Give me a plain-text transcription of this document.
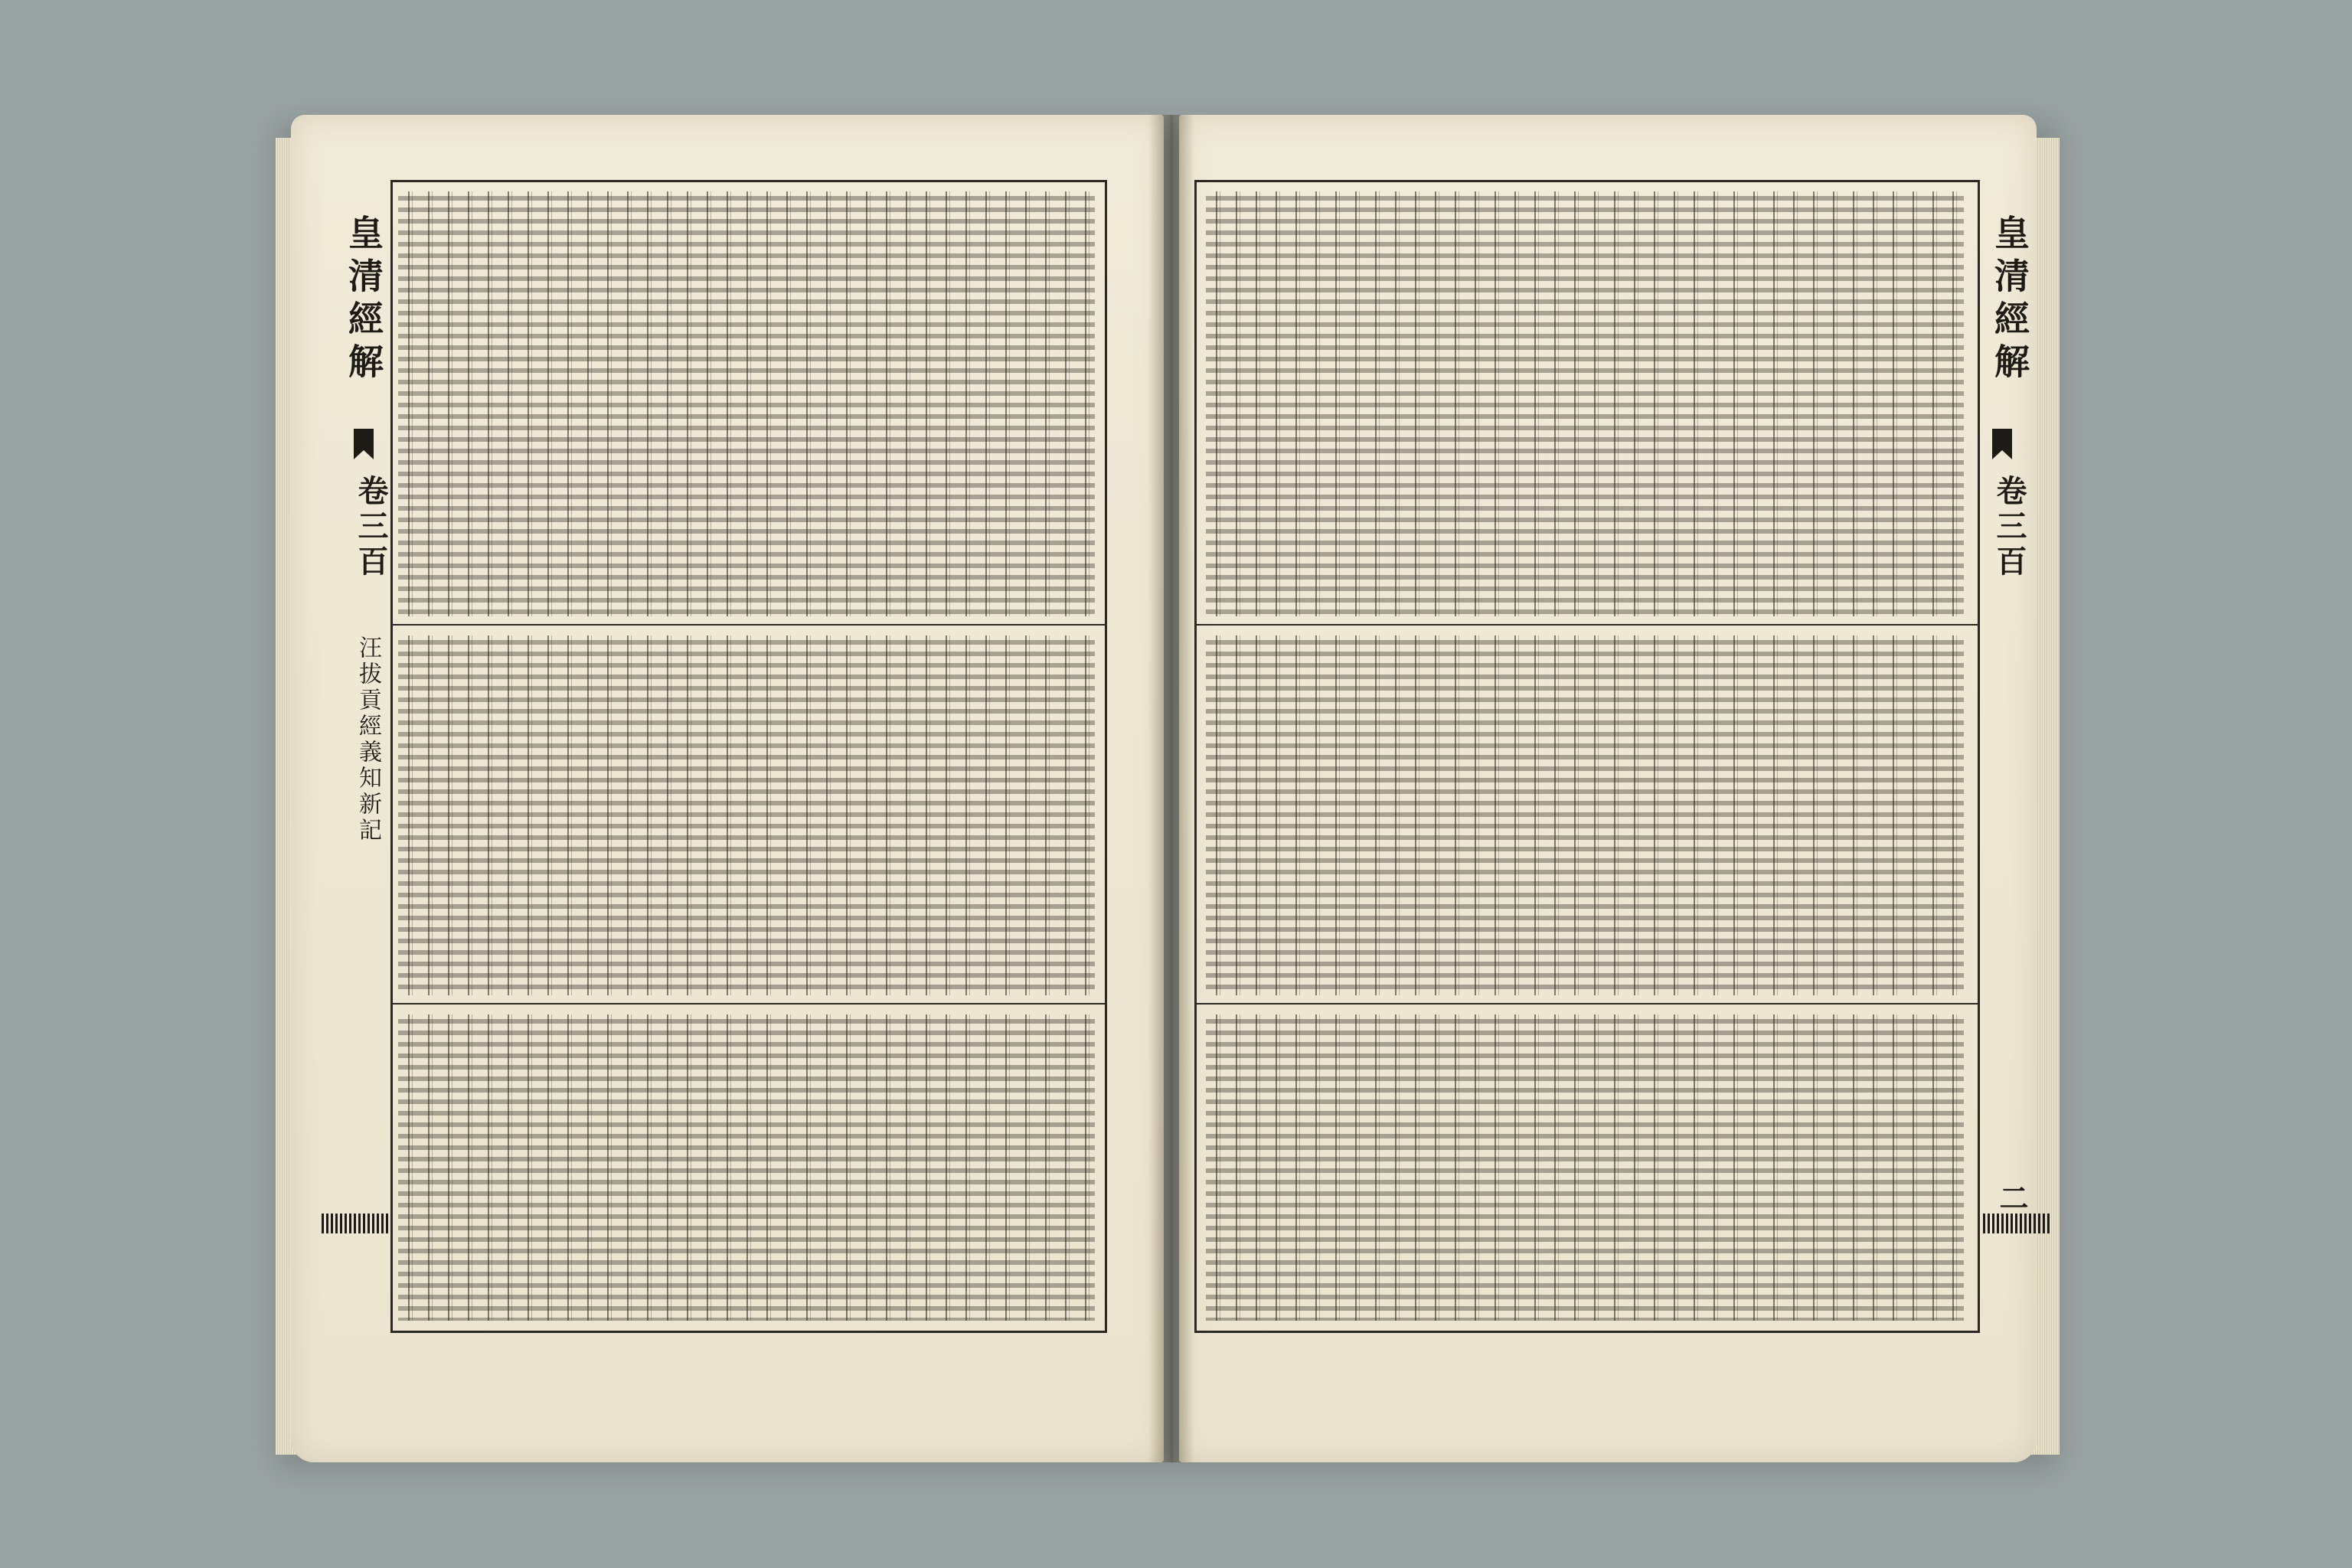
皇清經解
卷三百
汪拔貢經義知新記
皇清經解
卷三百
二
